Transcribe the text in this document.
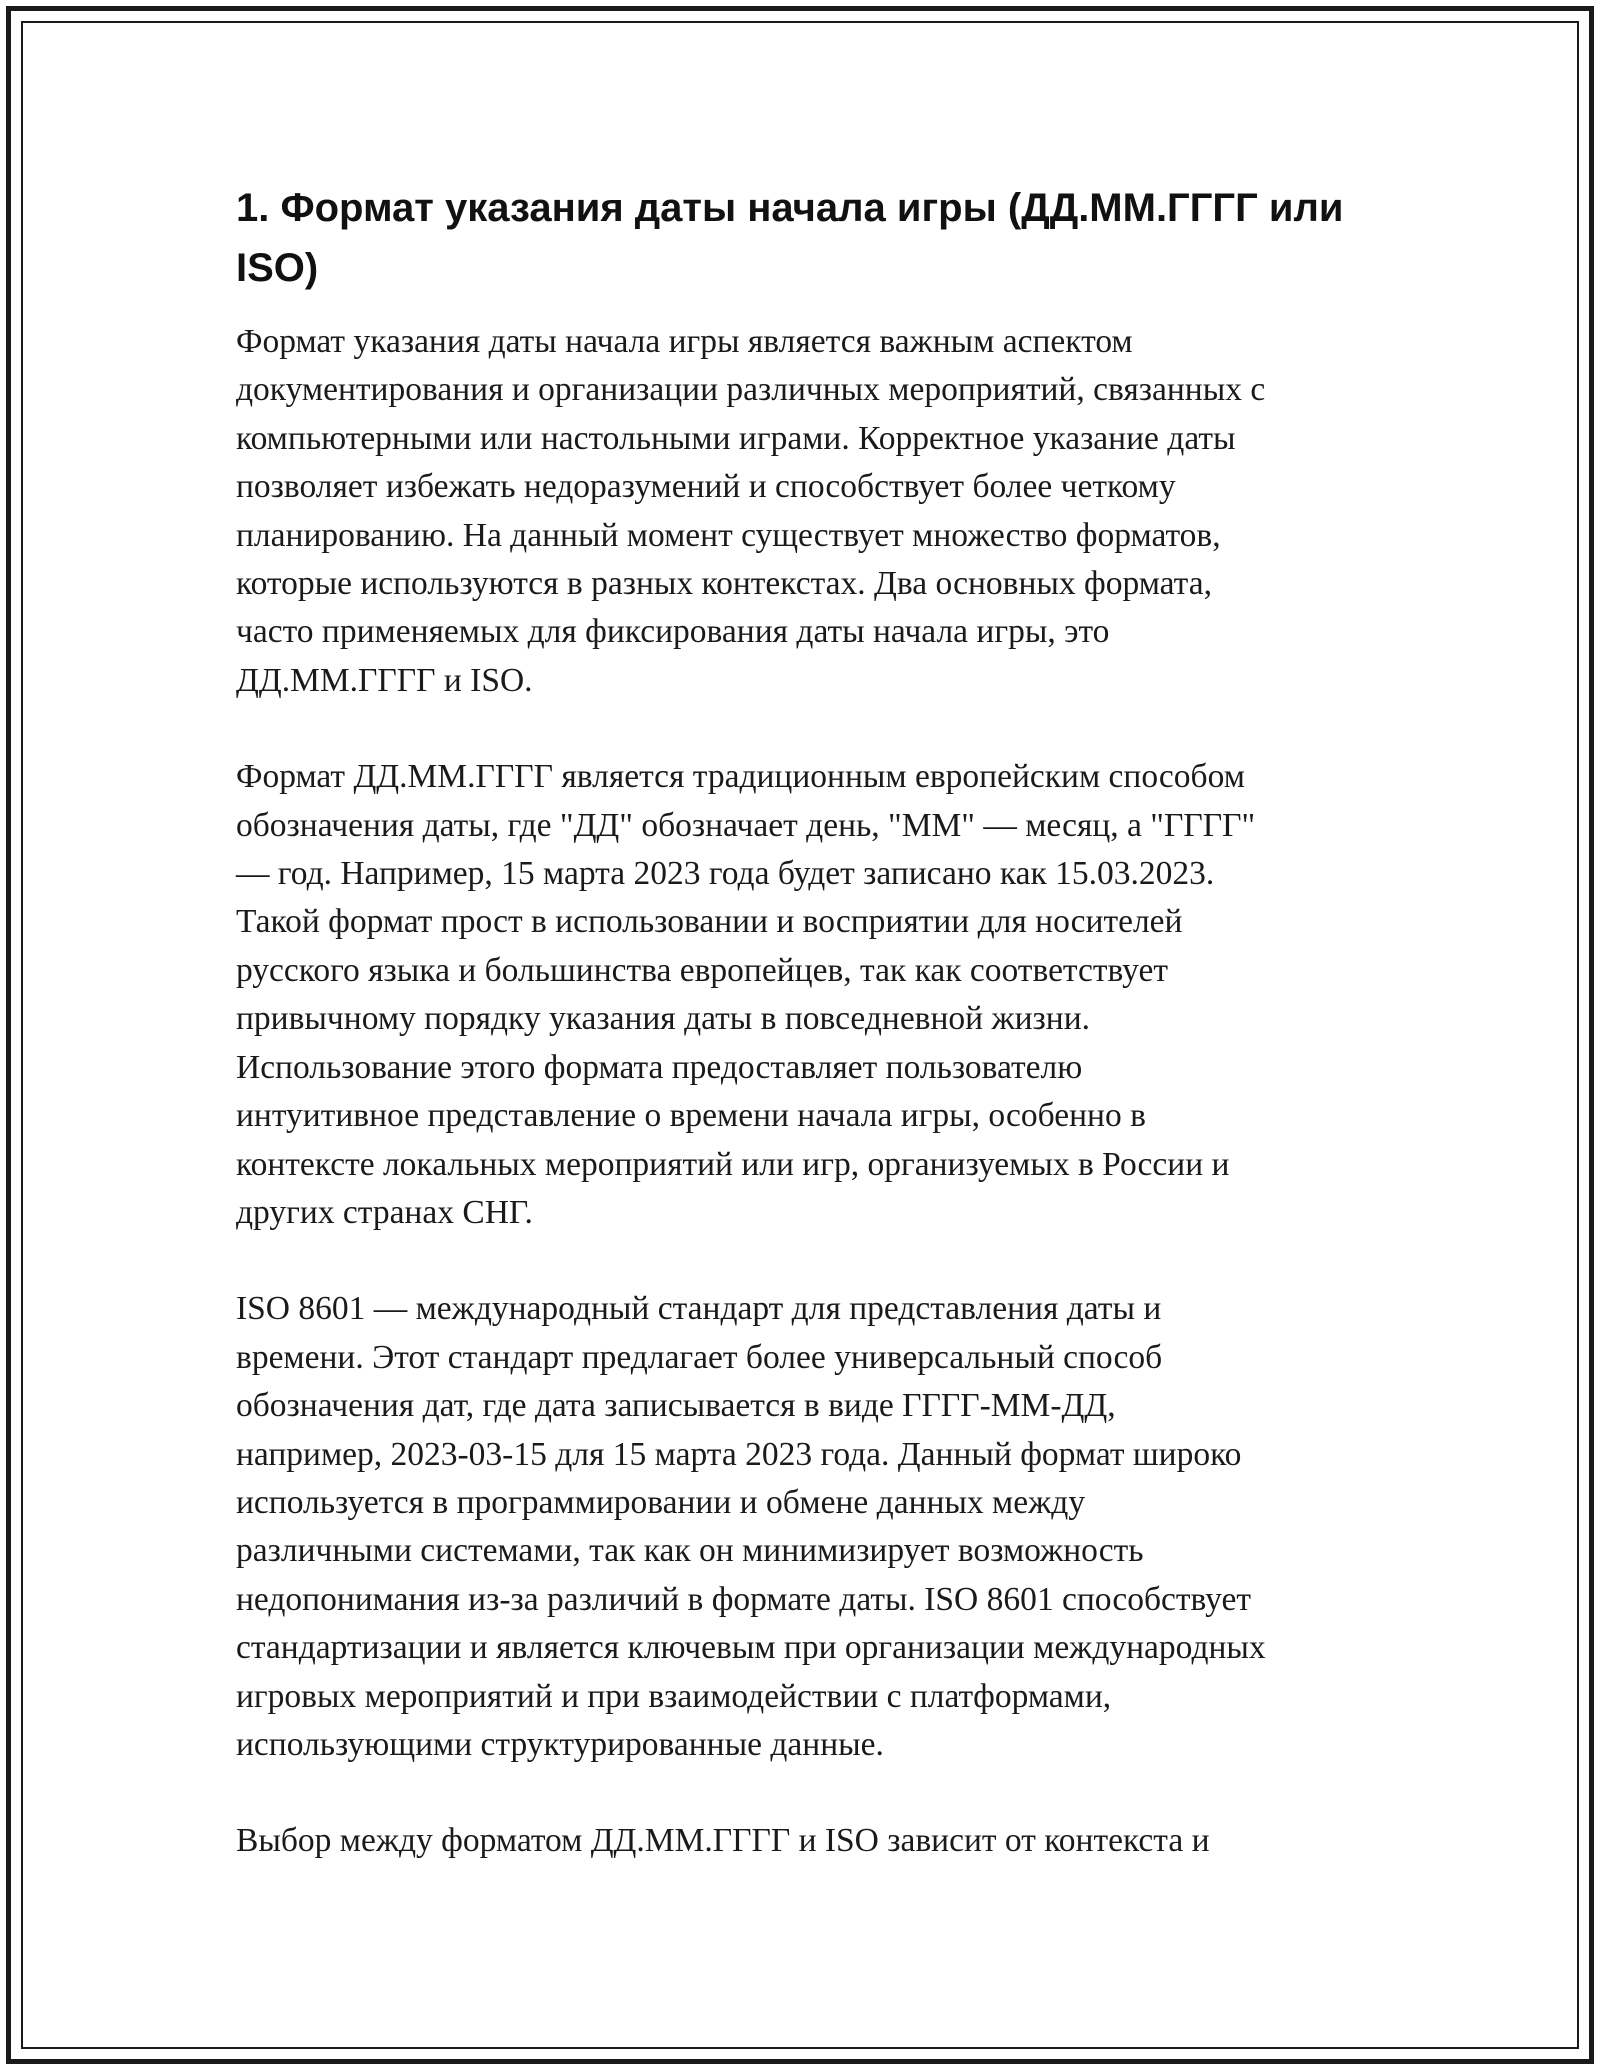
1. Формат указания даты начала игры (ДД.ММ.ГГГГ или
ISO)

Формат указания даты начала игры является важным аспектом
документирования и организации различных мероприятий, связанных с
компьютерными или настольными играми. Корректное указание даты
позволяет избежать недоразумений и способствует более четкому
планированию. На данный момент существует множество форматов,
которые используются в разных контекстах. Два основных формата,
часто применяемых для фиксирования даты начала игры, это
ДД.ММ.ГГГГ и ISO.

Формат ДД.ММ.ГГГГ является традиционным европейским способом
обозначения даты, где "ДД" обозначает день, "ММ" — месяц, а "ГГГГ"
— год. Например, 15 марта 2023 года будет записано как 15.03.2023.
Такой формат прост в использовании и восприятии для носителей
русского языка и большинства европейцев, так как соответствует
привычному порядку указания даты в повседневной жизни.
Использование этого формата предоставляет пользователю
интуитивное представление о времени начала игры, особенно в
контексте локальных мероприятий или игр, организуемых в России и
других странах СНГ.

ISO 8601 — международный стандарт для представления даты и
времени. Этот стандарт предлагает более универсальный способ
обозначения дат, где дата записывается в виде ГГГГ-ММ-ДД,
например, 2023-03-15 для 15 марта 2023 года. Данный формат широко
используется в программировании и обмене данных между
различными системами, так как он минимизирует возможность
недопонимания из-за различий в формате даты. ISO 8601 способствует
стандартизации и является ключевым при организации международных
игровых мероприятий и при взаимодействии с платформами,
использующими структурированные данные.

Выбор между форматом ДД.ММ.ГГГГ и ISO зависит от контекста и
